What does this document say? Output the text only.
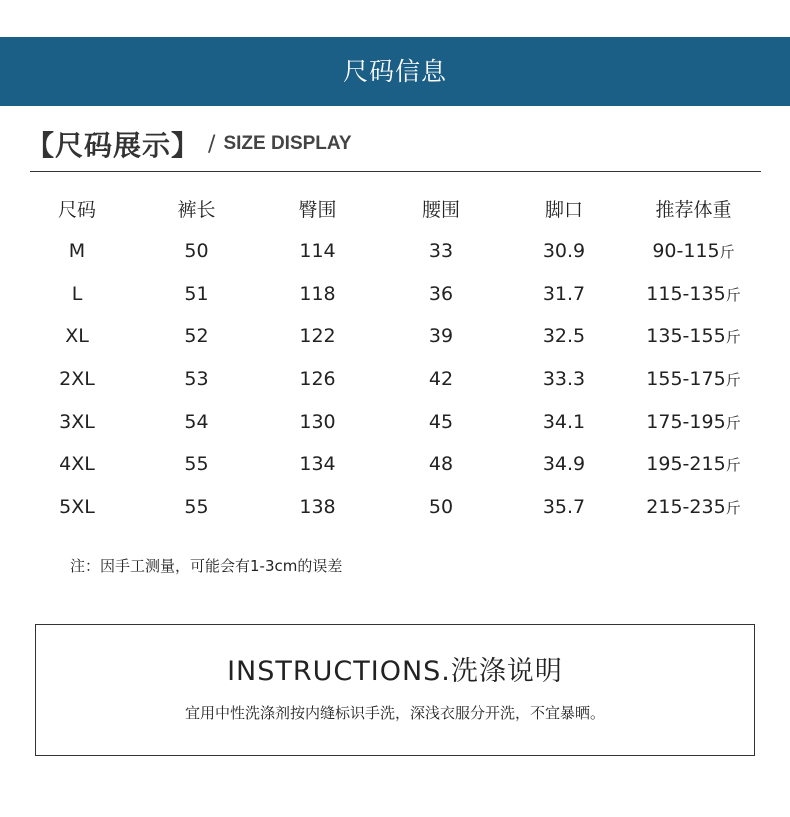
尺码信息
【尺码展示】 / SIZE DISPLAY
尺码	裤长	臀围	腰围	脚口	推荐体重
M	50	114	33	30.9	90-115斤
L	51	118	36	31.7	115-135斤
XL	52	122	39	32.5	135-155斤
2XL	53	126	42	33.3	155-175斤
3XL	54	130	45	34.1	175-195斤
4XL	55	134	48	34.9	195-215斤
5XL	55	138	50	35.7	215-235斤
注：因手工测量，可能会有1-3cm的误差
INSTRUCTIONS.洗涤说明
宜用中性洗涤剂按内缝标识手洗，深浅衣服分开洗，不宜暴晒。
